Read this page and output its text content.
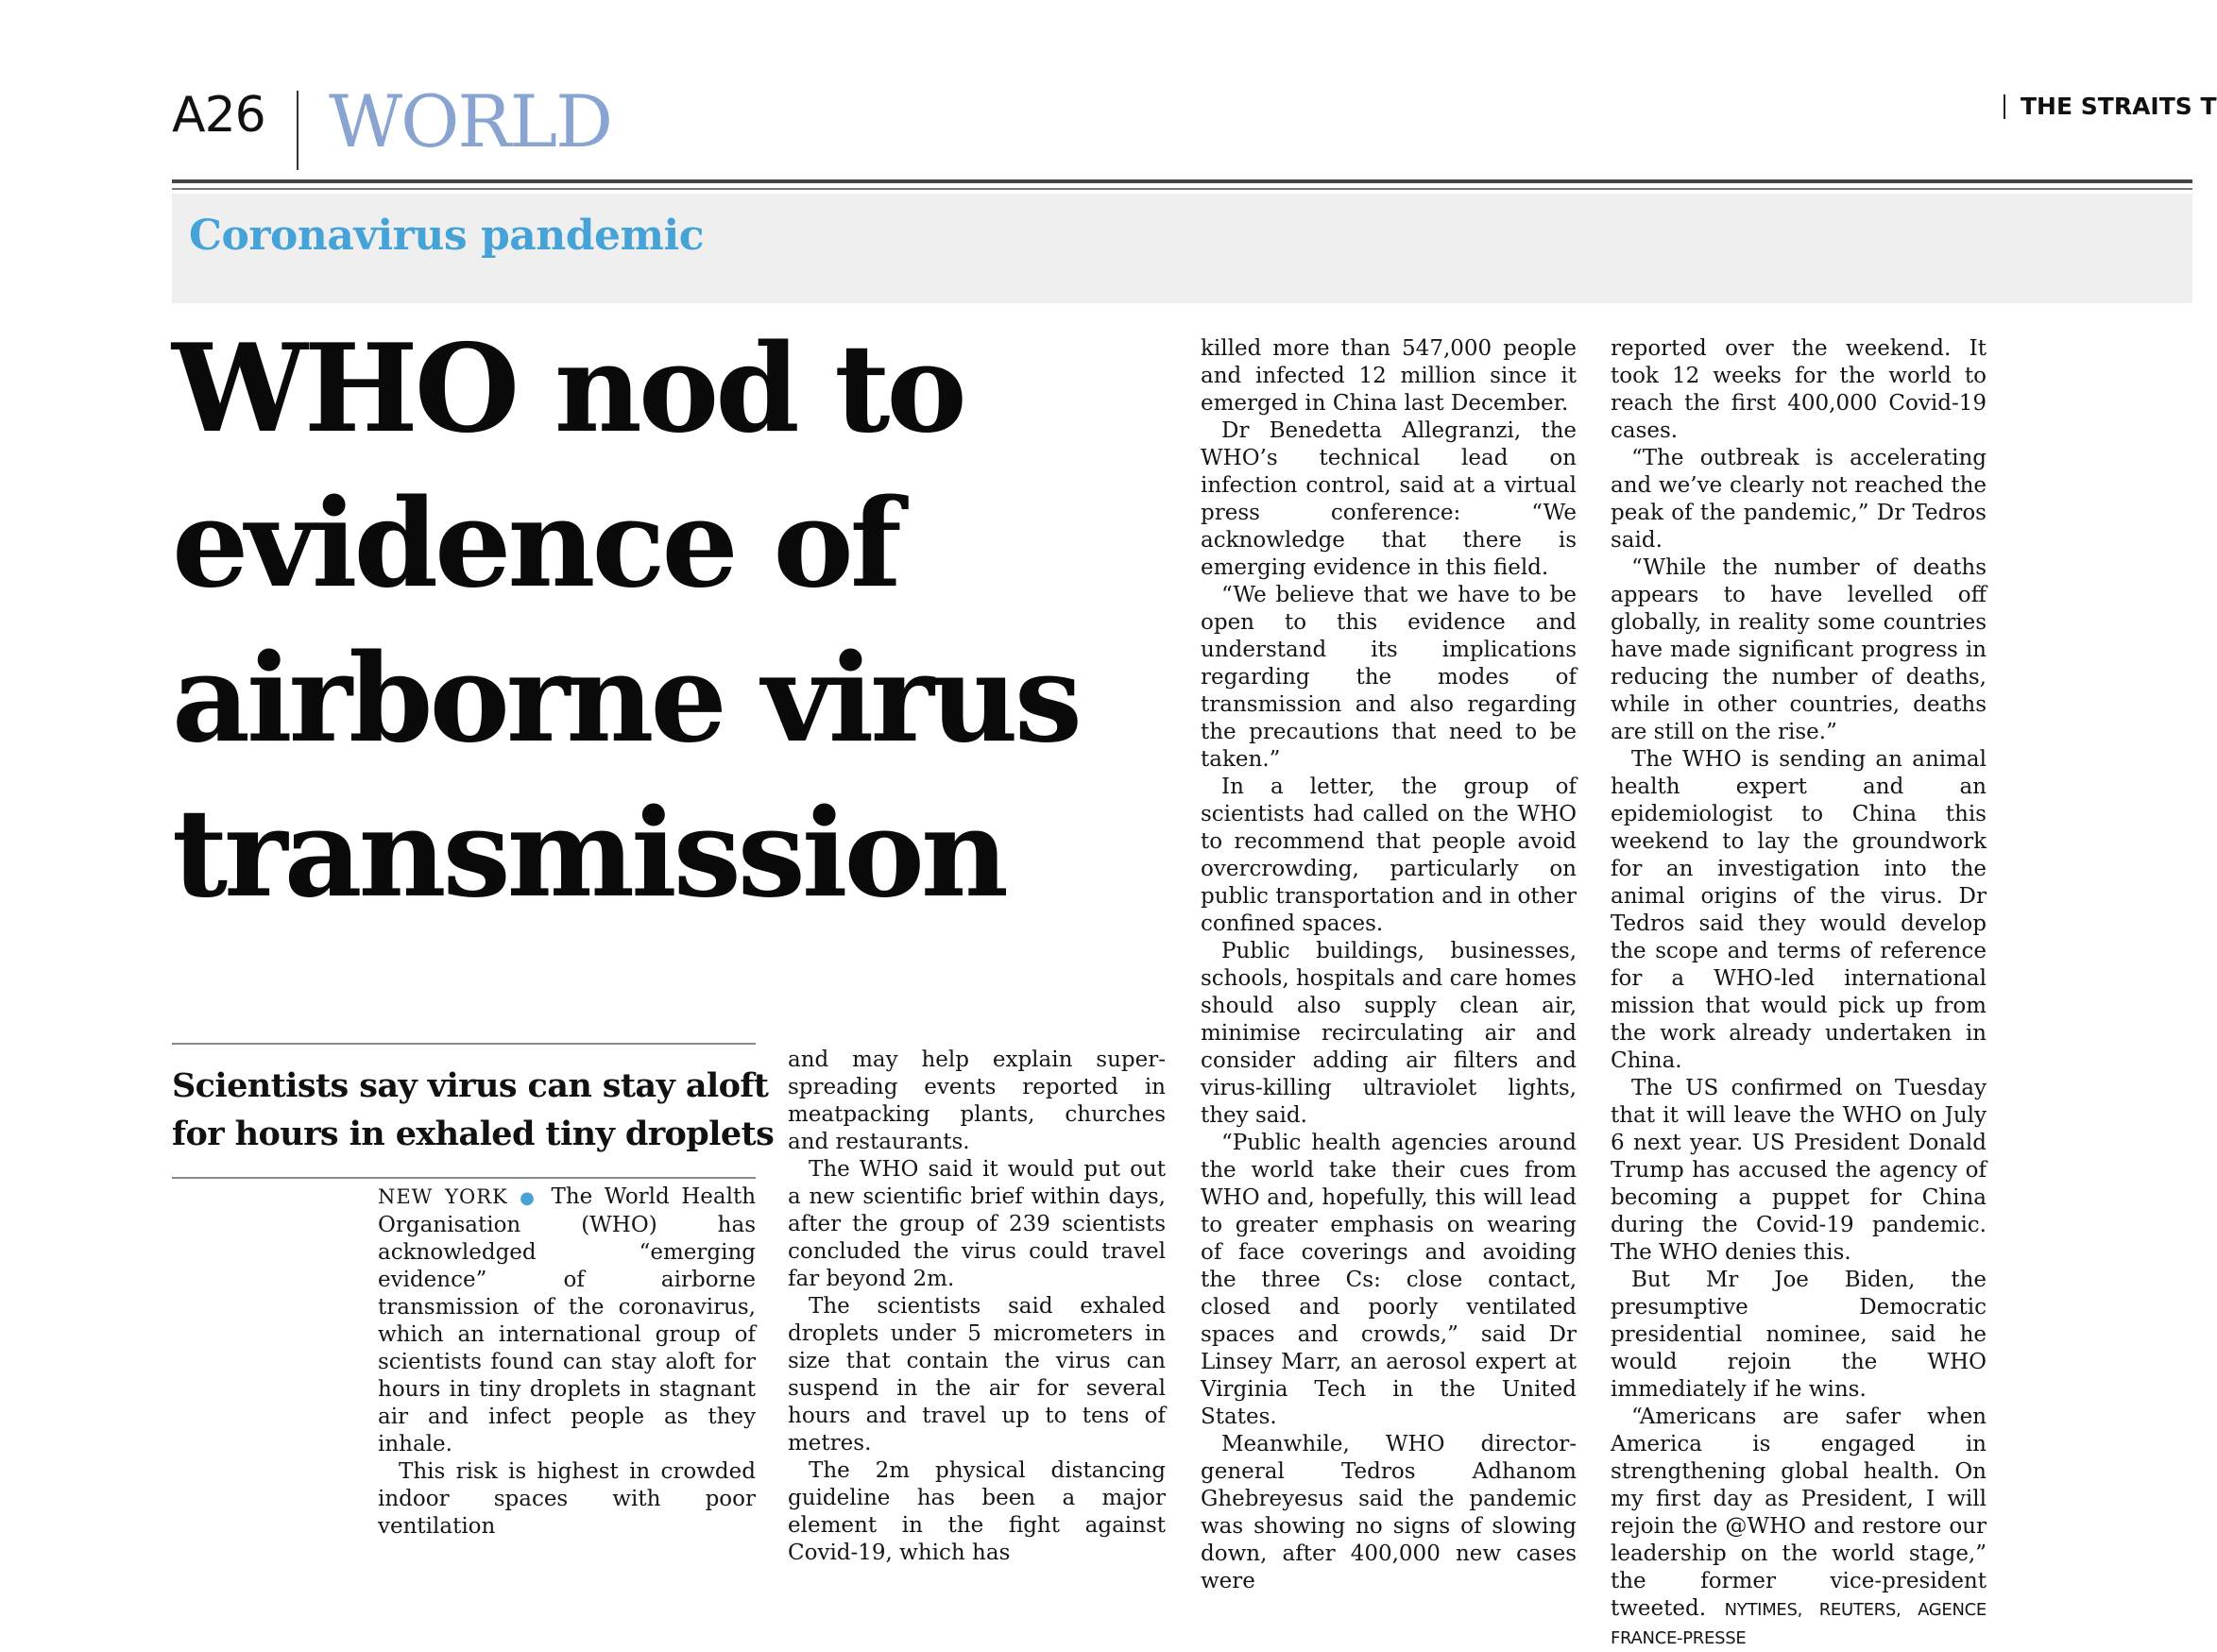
A26 WORLD	THE STRAITS T
Coronavirus pandemic
WHO nod to evidence of airborne virus transmission
Scientists say virus can stay aloft for hours in exhaled tiny droplets

NEW YORK ● The World Health Organisation (WHO) has acknowledged “emerging evidence” of airborne transmission of the coronavirus, which an international group of scientists found can stay aloft for hours in tiny droplets in stagnant air and infect people as they inhale.

This risk is highest in crowded indoor spaces with poor ventilation

and may help explain super-spreading events reported in meatpacking plants, churches and restaurants.

The WHO said it would put out a new scientific brief within days, after the group of 239 scientists concluded the virus could travel far beyond 2m.

The scientists said exhaled droplets under 5 micrometers in size that contain the virus can suspend in the air for several hours and travel up to tens of metres.

The 2m physical distancing guideline has been a major element in the fight against Covid-19, which has

killed more than 547,000 people and infected 12 million since it emerged in China last December.

Dr Benedetta Allegranzi, the WHO’s technical lead on infection control, said at a virtual press conference: “We acknowledge that there is emerging evidence in this field.

“We believe that we have to be open to this evidence and understand its implications regarding the modes of transmission and also regarding the precautions that need to be taken.”

In a letter, the group of scientists had called on the WHO to recommend that people avoid overcrowding, particularly on public transportation and in other confined spaces.

Public buildings, businesses, schools, hospitals and care homes should also supply clean air, minimise recirculating air and consider adding air filters and virus-killing ultraviolet lights, they said.

“Public health agencies around the world take their cues from WHO and, hopefully, this will lead to greater emphasis on wearing of face coverings and avoiding the three Cs: close contact, closed and poorly ventilated spaces and crowds,” said Dr Linsey Marr, an aerosol expert at Virginia Tech in the United States.

Meanwhile, WHO director-general Tedros Adhanom Ghebreyesus said the pandemic was showing no signs of slowing down, after 400,000 new cases were

reported over the weekend. It took 12 weeks for the world to reach the first 400,000 Covid-19 cases.

“The outbreak is accelerating and we’ve clearly not reached the peak of the pandemic,” Dr Tedros said.

“While the number of deaths appears to have levelled off globally, in reality some countries have made significant progress in reducing the number of deaths, while in other countries, deaths are still on the rise.”

The WHO is sending an animal health expert and an epidemiologist to China this weekend to lay the groundwork for an investigation into the animal origins of the virus. Dr Tedros said they would develop the scope and terms of reference for a WHO-led international mission that would pick up from the work already undertaken in China.

The US confirmed on Tuesday that it will leave the WHO on July 6 next year. US President Donald Trump has accused the agency of becoming a puppet for China during the Covid-19 pandemic. The WHO denies this.

But Mr Joe Biden, the presumptive Democratic presidential nominee, said he would rejoin the WHO immediately if he wins.

“Americans are safer when America is engaged in strengthening global health. On my first day as President, I will rejoin the @WHO and restore our leadership on the world stage,” the former vice-president tweeted. NYTIMES, REUTERS, AGENCE FRANCE-PRESSE
